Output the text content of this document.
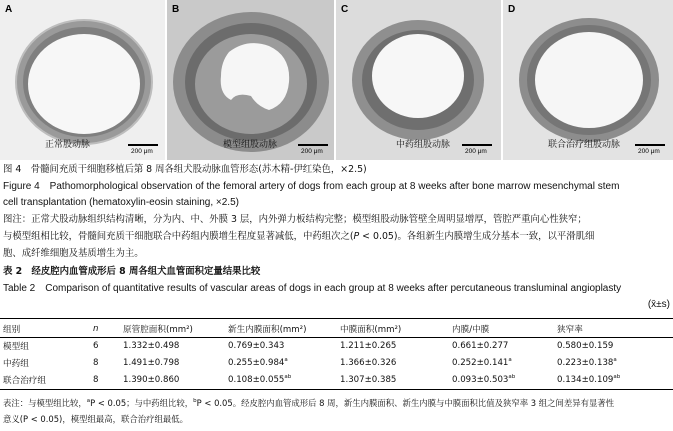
A
正常股动脉
200 μm
B
模型组股动脉
200 μm
C
中药组股动脉
200 μm
D
联合治疗组股动脉
200 μm
图 4　骨髓间充质干细胞移植后第 8 周各组犬股动脉血管形态(苏木精-伊红染色，×2.5)
Figure 4　Pathomorphological observation of the femoral artery of dogs from each group at 8 weeks after bone marrow mesenchymal stem
cell transplantation (hematoxylin-eosin staining, ×2.5)
图注：正常犬股动脉组织结构清晰，分为内、中、外膜 3 层，内外弹力板结构完整；模型组股动脉管壁全周明显增厚，管腔严重向心性狭窄；
与模型组相比较，骨髓间充质干细胞联合中药组内膜增生程度显著减低，中药组次之(P < 0.05)。各组新生内膜增生成分基本一致，以平滑肌细
胞、成纤维细胞及基质增生为主。
表 2　经皮腔内血管成形后 8 周各组犬血管面积定量结果比较
Table 2　Comparison of quantitative results of vascular areas of dogs in each group at 8 weeks after percutaneous transluminal angioplasty
(x̄±s)
组别	n	原管腔面积(mm²)	新生内膜面积(mm²)	中膜面积(mm²)	内膜/中膜	狭窄率
模型组	6	1.332±0.498	0.769±0.343	1.211±0.265	0.661±0.277	0.580±0.159
中药组	8	1.491±0.798	0.255±0.984$^a$	1.366±0.326	0.252±0.141$^a$	0.223±0.138$^a$
联合治疗组	8	1.390±0.860	0.108±0.055$^{ab}$	1.307±0.385	0.093±0.503$^{ab}$	0.134±0.109$^{ab}$
表注：与模型组比较，$^a$P < 0.05；与中药组比较，$^b$P < 0.05。经皮腔内血管成形后 8 周，新生内膜面积、新生内膜与中膜面积比值及狭窄率 3 组之间差异有显著性
意义(P < 0.05)，模型组最高，联合治疗组最低。
